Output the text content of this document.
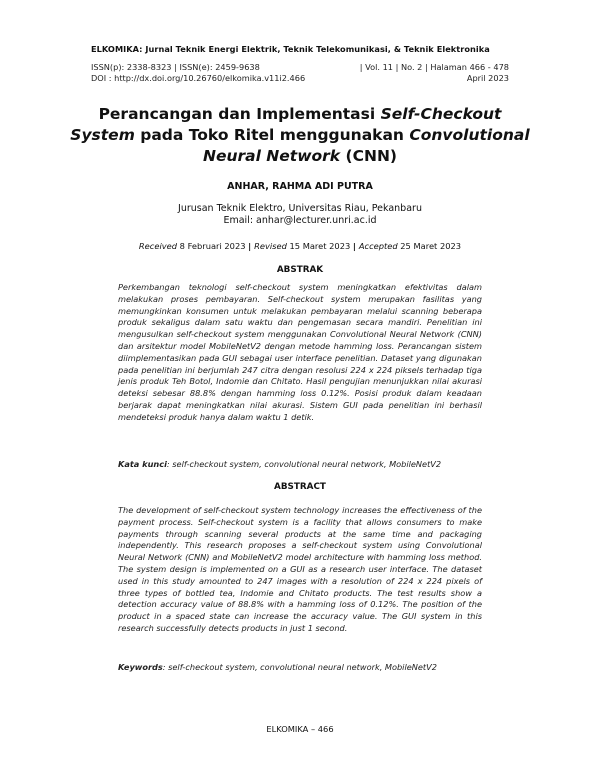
ELKOMIKA: Jurnal Teknik Energi Elektrik, Teknik Telekomunikasi, & Teknik Elektronika
ISSN(p): 2338-8323 | ISSN(e): 2459-9638
DOI : http://dx.doi.org/10.26760/elkomika.v11i2.466
| Vol. 11 | No. 2 | Halaman 466 - 478
April 2023
Perancangan dan Implementasi Self-Checkout System pada Toko Ritel menggunakan Convolutional Neural Network (CNN)
ANHAR, RAHMA ADI PUTRA
Jurusan Teknik Elektro, Universitas Riau, Pekanbaru
Email: anhar@lecturer.unri.ac.id
Received 8 Februari 2023 | Revised 15 Maret 2023 | Accepted 25 Maret 2023
ABSTRAK
Perkembangan teknologi self-checkout system meningkatkan efektivitas dalam melakukan proses pembayaran. Self-checkout system merupakan fasilitas yang memungkinkan konsumen untuk melakukan pembayaran melalui scanning beberapa produk sekaligus dalam satu waktu dan pengemasan secara mandiri. Penelitian ini mengusulkan self-checkout system menggunakan Convolutional Neural Network (CNN) dan arsitektur model MobileNetV2 dengan metode hamming loss. Perancangan sistem diimplementasikan pada GUI sebagai user interface penelitian. Dataset yang digunakan pada penelitian ini berjumlah 247 citra dengan resolusi 224 x 224 piksels terhadap tiga jenis produk Teh Botol, Indomie dan Chitato. Hasil pengujian menunjukkan nilai akurasi deteksi sebesar 88.8% dengan hamming loss 0.12%. Posisi produk dalam keadaan berjarak dapat meningkatkan nilai akurasi. Sistem GUI pada penelitian ini berhasil mendeteksi produk hanya dalam waktu 1 detik.
Kata kunci: self-checkout system, convolutional neural network, MobileNetV2
ABSTRACT
The development of self-checkout system technology increases the effectiveness of the payment process. Self-checkout system is a facility that allows consumers to make payments through scanning several products at the same time and packaging independently. This research proposes a self-checkout system using Convolutional Neural Network (CNN) and MobileNetV2 model architecture with hamming loss method. The system design is implemented on a GUI as a research user interface. The dataset used in this study amounted to 247 images with a resolution of 224 x 224 pixels of three types of bottled tea, Indomie and Chitato products. The test results show a detection accuracy value of 88.8% with a hamming loss of 0.12%. The position of the product in a spaced state can increase the accuracy value. The GUI system in this research successfully detects products in just 1 second.
Keywords: self-checkout system, convolutional neural network, MobileNetV2
ELKOMIKA – 466
